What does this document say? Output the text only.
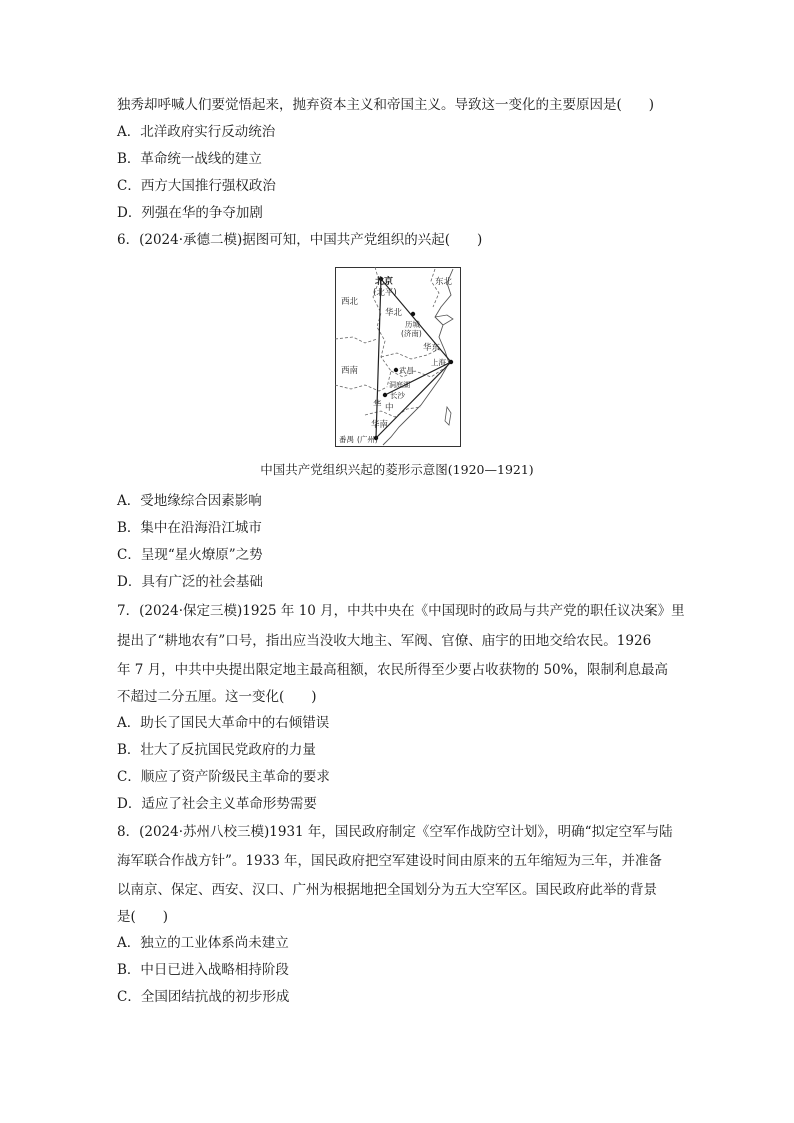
独秀却呼喊人们要觉悟起来，抛弃资本主义和帝国主义。导致这一变化的主要原因是(　　)
A．北洋政府实行反动统治
B．革命统一战线的建立
C．西方大国推行强权政治
D．列强在华的争夺加剧
6．(2024·承德二模)据图可知，中国共产党组织的兴起(　　)
北京
(北平)
东北
西北
华北
历城
(济南)
华东
上海
西南	武昌
洞庭湖
长沙
华 中
华南
番禺 (广州)
中国共产党组织兴起的菱形示意图(1920—1921)
A．受地缘综合因素影响
B．集中在沿海沿江城市
C．呈现“星火燎原”之势
D．具有广泛的社会基础
7．(2024·保定三模)1925 年 10 月，中共中央在《中国现时的政局与共产党的职任议决案》里
提出了“耕地农有”口号，指出应当没收大地主、军阀、官僚、庙宇的田地交给农民。1926
年 7 月，中共中央提出限定地主最高租额，农民所得至少要占收获物的 50%，限制利息最高
不超过二分五厘。这一变化(　　)
A．助长了国民大革命中的右倾错误
B．壮大了反抗国民党政府的力量
C．顺应了资产阶级民主革命的要求
D．适应了社会主义革命形势需要
8．(2024·苏州八校三模)1931 年，国民政府制定《空军作战防空计划》，明确“拟定空军与陆
海军联合作战方针”。1933 年，国民政府把空军建设时间由原来的五年缩短为三年，并准备
以南京、保定、西安、汉口、广州为根据地把全国划分为五大空军区。国民政府此举的背景
是(　　)
A．独立的工业体系尚未建立
B．中日已进入战略相持阶段
C．全国团结抗战的初步形成
